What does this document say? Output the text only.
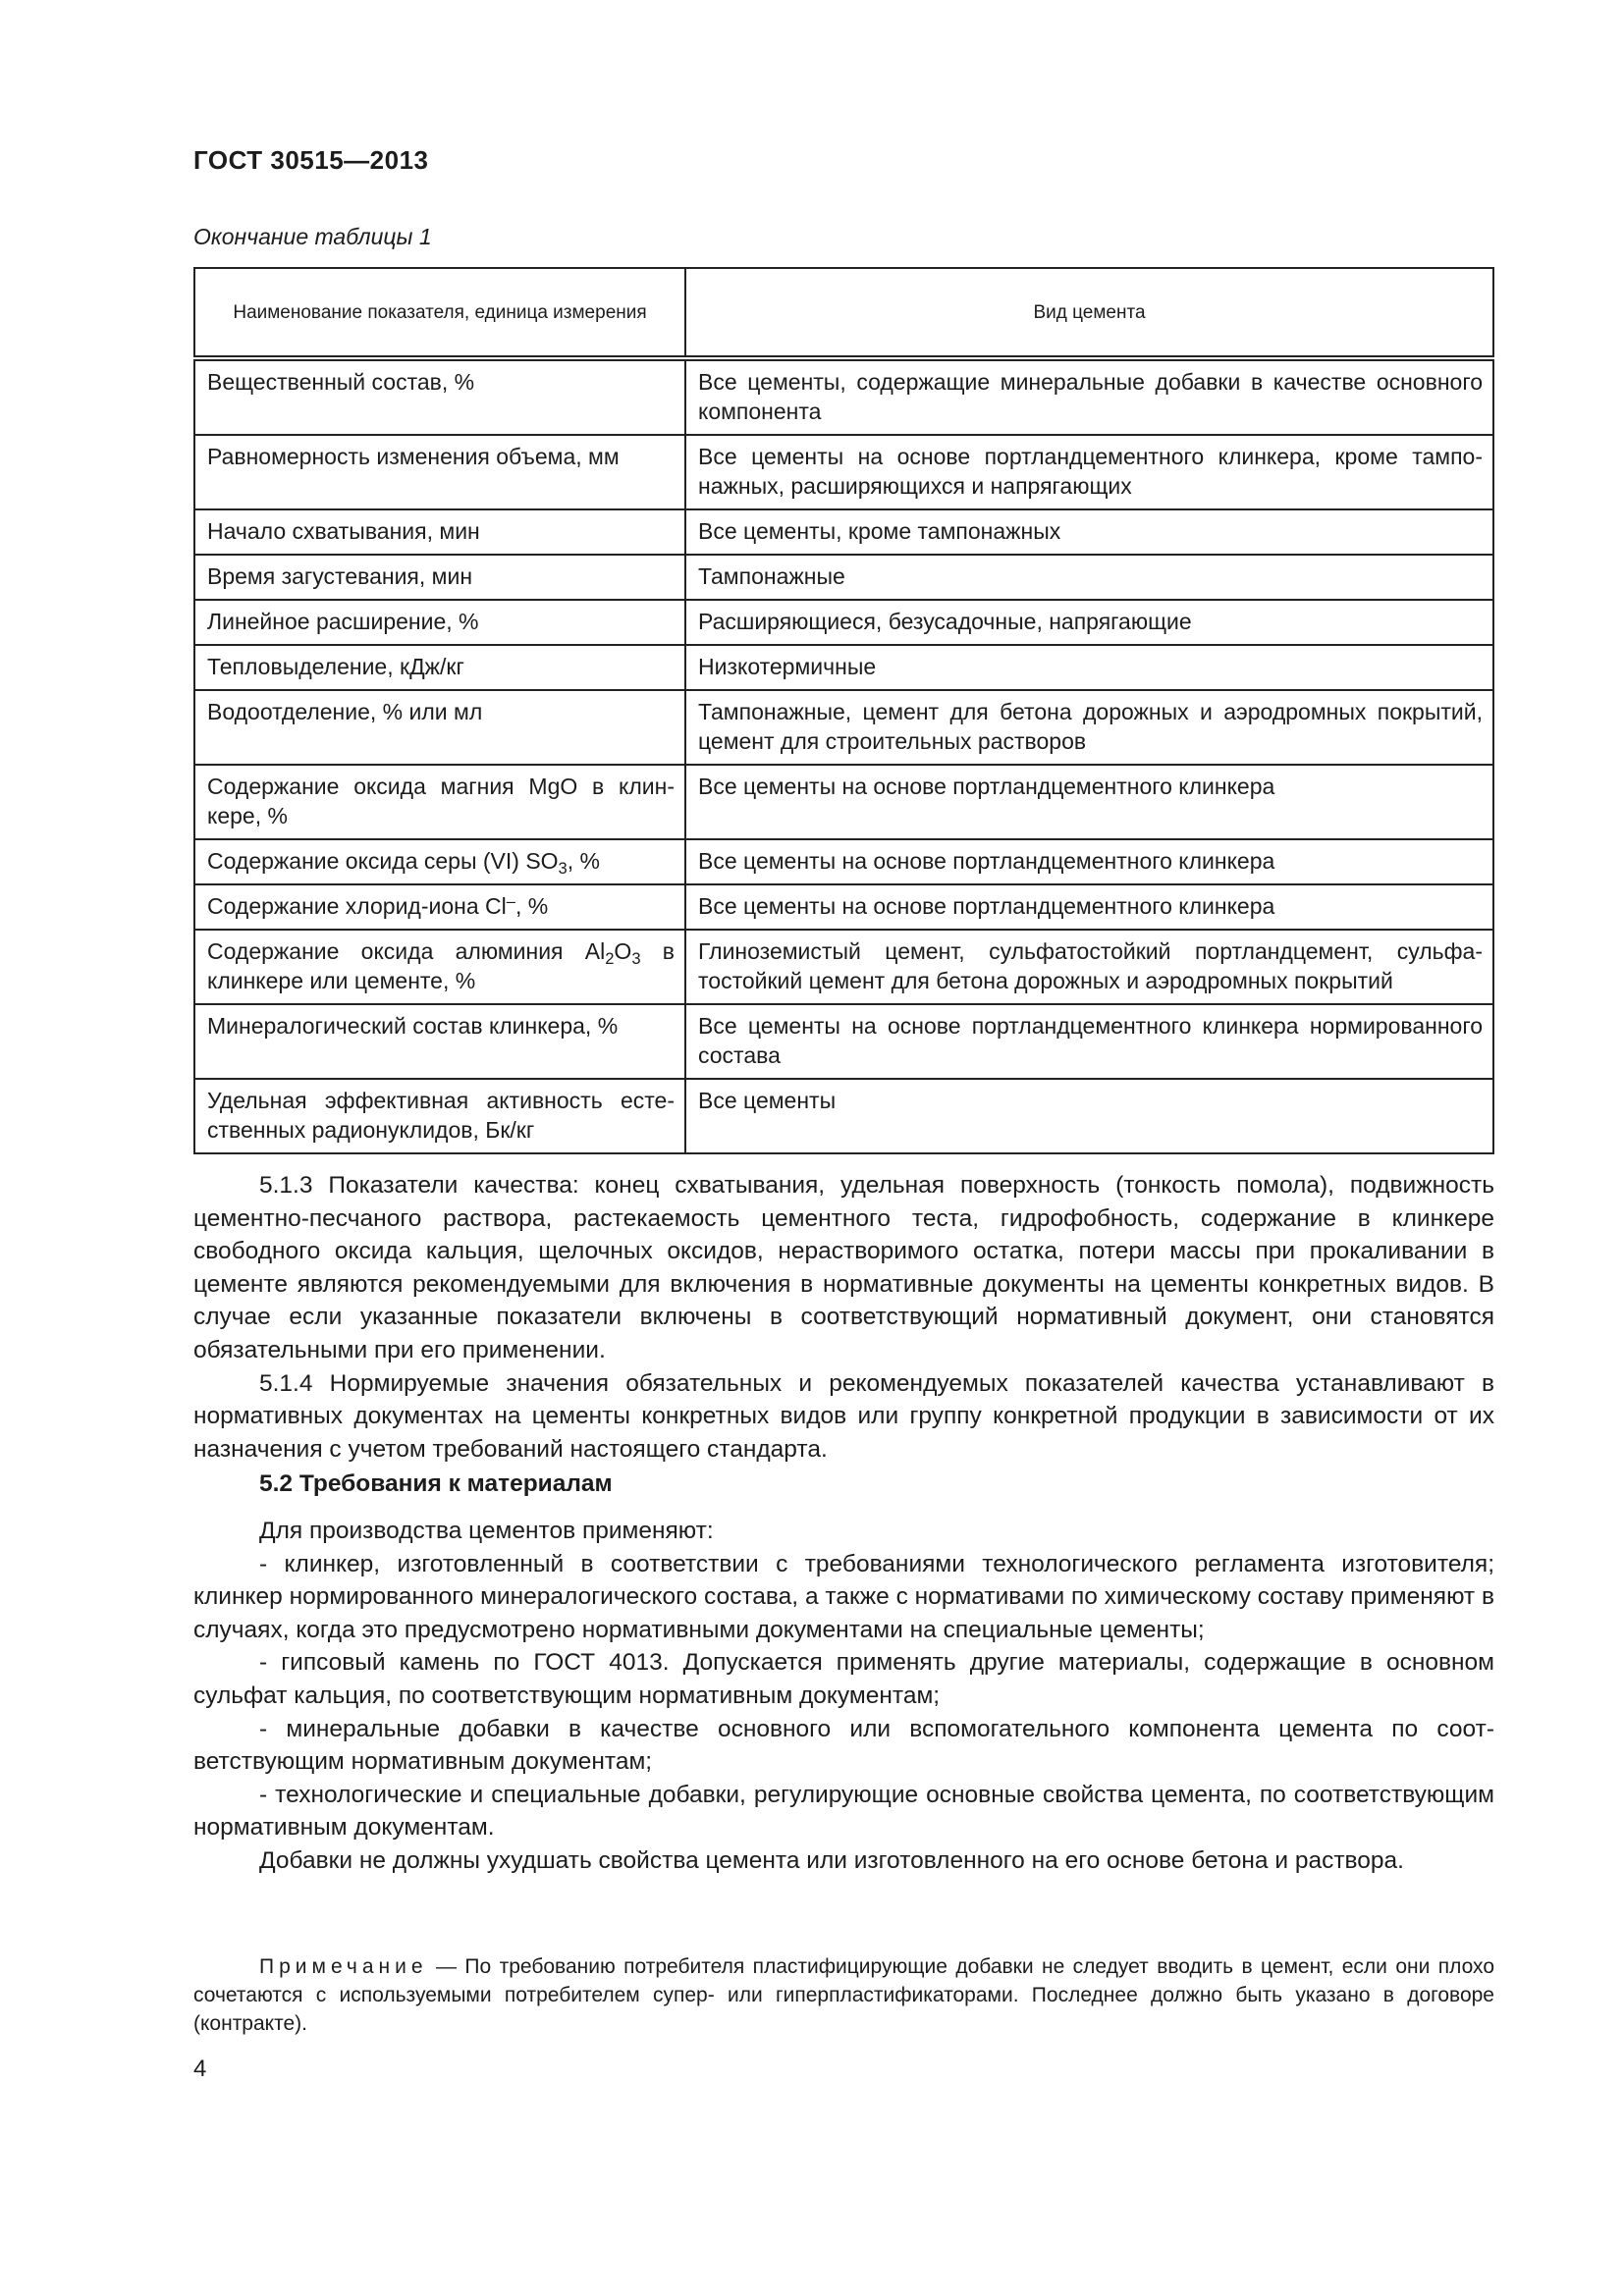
ГОСТ 30515—2013
Окончание таблицы 1
Наименование показателя, единица измерения	Вид цемента
Вещественный состав, %	Все цементы, содержащие минеральные добавки в качестве основного компонента
Равномерность изменения объема, мм	Все цементы на основе портландцементного клинкера, кроме тампонажных, расширяющихся и напрягающих
Начало схватывания, мин	Все цементы, кроме тампонажных
Время загустевания, мин	Тампонажные
Линейное расширение, %	Расширяющиеся, безусадочные, напрягающие
Тепловыделение, кДж/кг	Низкотермичные
Водоотделение, % или мл	Тампонажные, цемент для бетона дорожных и аэродромных покрытий, цемент для строительных растворов
Содержание оксида магния MgO в клинкере, %	Все цементы на основе портландцементного клинкера
Содержание оксида серы (VI) $SO_3$, %	Все цементы на основе портландцементного клинкера
Содержание хлорид-иона Cl–, %	Все цементы на основе портландцементного клинкера
Содержание оксида алюминия $Al_2O_3$ в клинкере или цементе, %	Глиноземистый цемент, сульфатостойкий портландцемент, сульфатостойкий цемент для бетона дорожных и аэродромных покрытий
Минералогический состав клинкера, %	Все цементы на основе портландцементного клинкера нормированного состава
Удельная эффективная активность естественных радионуклидов, Бк/кг	Все цементы

5.1.3 Показатели качества: конец схватывания, удельная поверхность (тонкость помола), подвижность цементно-песчаного раствора, растекаемость цементного теста, гидрофобность, содержание в клинкере свободного оксида кальция, щелочных оксидов, нерастворимого остатка, потери массы при прокаливании в цементе являются рекомендуемыми для включения в нормативные документы на цементы конкретных видов. В случае если указанные показатели включены в соответствующий нормативный документ, они становятся обязательными при его применении.

5.1.4 Нормируемые значения обязательных и рекомендуемых показателей качества устанавливают в нормативных документах на цементы конкретных видов или группу конкретной продукции в зависимости от их назначения с учетом требований настоящего стандарта.

5.2 Требования к материалам

Для производства цементов применяют:

- клинкер, изготовленный в соответствии с требованиями технологического регламента изготовителя; клинкер нормированного минералогического состава, а также с нормативами по химическому составу применяют в случаях, когда это предусмотрено нормативными документами на специальные цементы;

- гипсовый камень по ГОСТ 4013. Допускается применять другие материалы, содержащие в основном сульфат кальция, по соответствующим нормативным документам;

- минеральные добавки в качестве основного или вспомогательного компонента цемента по соответствующим нормативным документам;

- технологические и специальные добавки, регулирующие основные свойства цемента, по соответствующим нормативным документам.

Добавки не должны ухудшать свойства цемента или изготовленного на его основе бетона и раствора.

Примечание — По требованию потребителя пластифицирующие добавки не следует вводить в цемент, если они плохо сочетаются с используемыми потребителем супер- или гиперпластификаторами. Последнее должно быть указано в договоре (контракте).

4
